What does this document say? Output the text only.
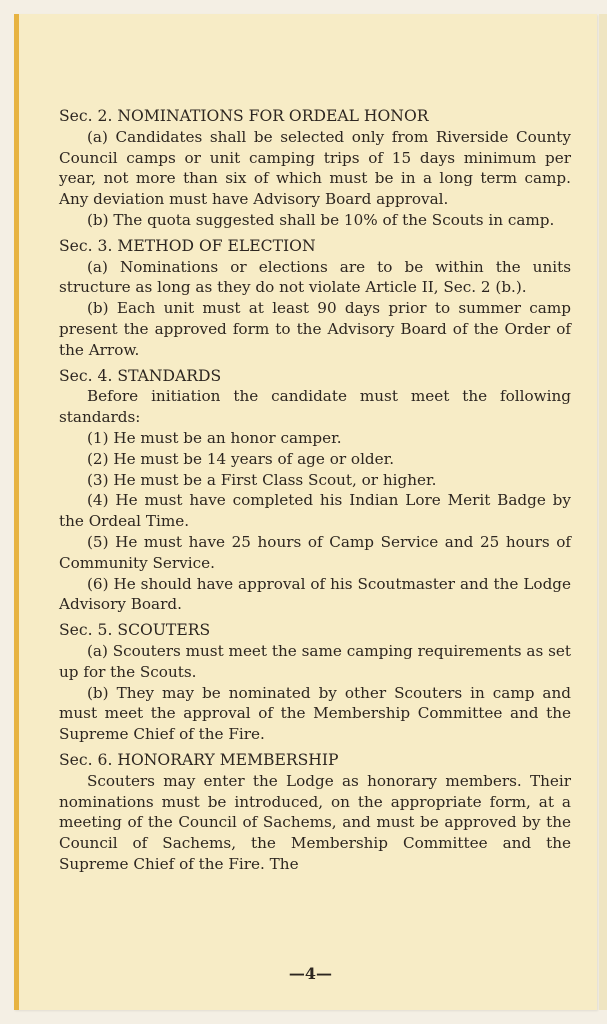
Sec. 2. NOMINATIONS FOR ORDEAL HONOR

(a) Candidates shall be selected only from Riverside County Council camps or unit camping trips of 15 days minimum per year, not more than six of which must be in a long term camp. Any deviation must have Advisory Board approval.

(b) The quota suggested shall be 10% of the Scouts in camp.

Sec. 3. METHOD OF ELECTION

(a) Nominations or elections are to be within the units structure as long as they do not violate Article II, Sec. 2 (b.).

(b) Each unit must at least 90 days prior to summer camp present the approved form to the Advisory Board of the Order of the Arrow.

Sec. 4. STANDARDS

Before initiation the candidate must meet the following standards:

(1) He must be an honor camper.

(2) He must be 14 years of age or older.

(3) He must be a First Class Scout, or higher.

(4) He must have completed his Indian Lore Merit Badge by the Ordeal Time.

(5) He must have 25 hours of Camp Service and 25 hours of Community Service.

(6) He should have approval of his Scoutmaster and the Lodge Advisory Board.

Sec. 5. SCOUTERS

(a) Scouters must meet the same camping requirements as set up for the Scouts.

(b) They may be nominated by other Scouters in camp and must meet the approval of the Membership Committee and the Supreme Chief of the Fire.

Sec. 6. HONORARY MEMBERSHIP

Scouters may enter the Lodge as honorary members. Their nominations must be introduced, on the appropriate form, at a meeting of the Council of Sachems, and must be approved by the Council of Sachems, the Membership Committee and the Supreme Chief of the Fire. The

—4—
